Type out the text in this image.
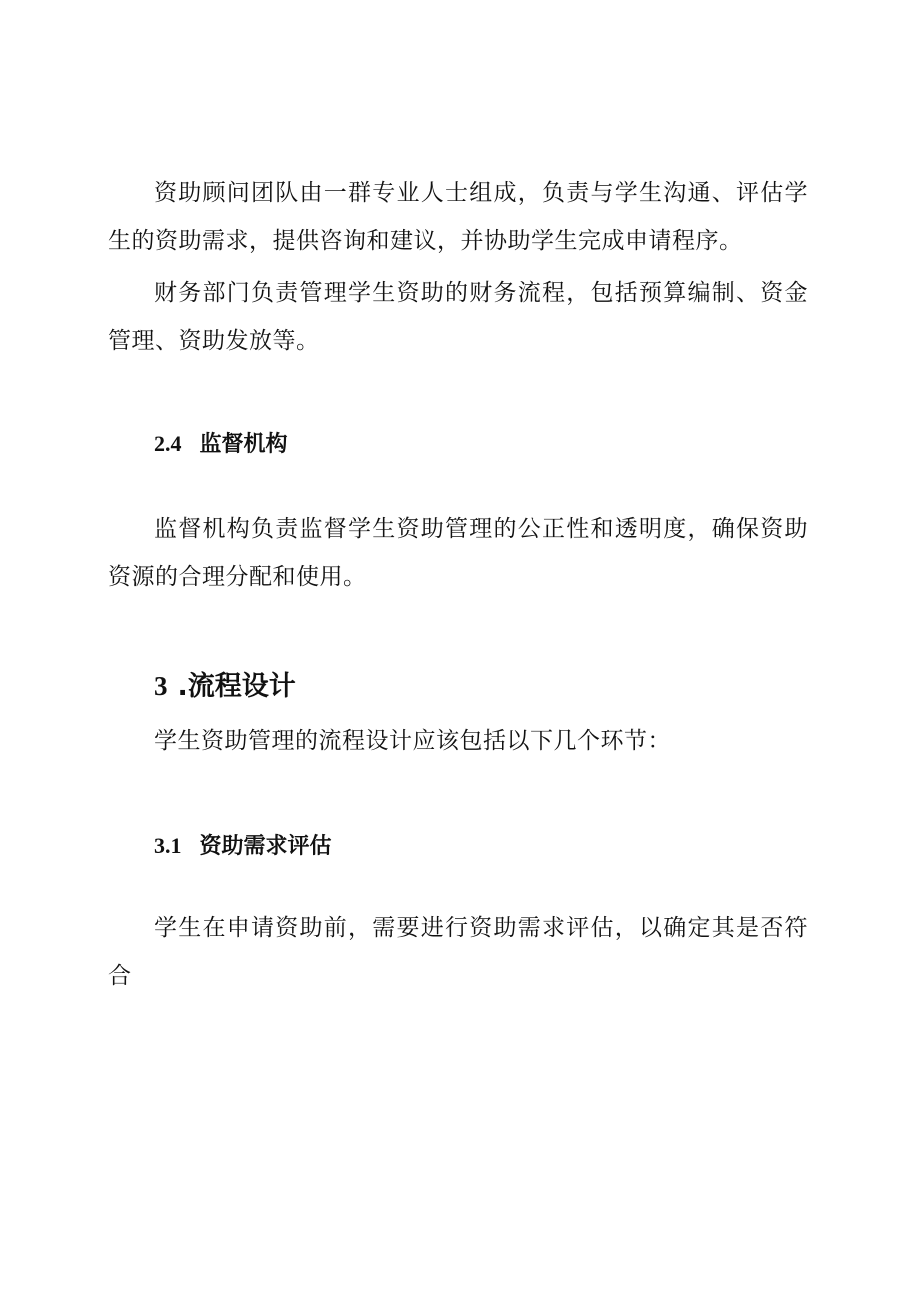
资助顾问团队由一群专业人士组成，负责与学生沟通、评估学生的资助需求，提供咨询和建议，并协助学生完成申请程序。

财务部门负责管理学生资助的财务流程，包括预算编制、资金管理、资助发放等。

2.4 监督机构

监督机构负责监督学生资助管理的公正性和透明度，确保资助资源的合理分配和使用。

3 .流程设计

学生资助管理的流程设计应该包括以下几个环节：

3.1 资助需求评估

学生在申请资助前，需要进行资助需求评估，以确定其是否符合
